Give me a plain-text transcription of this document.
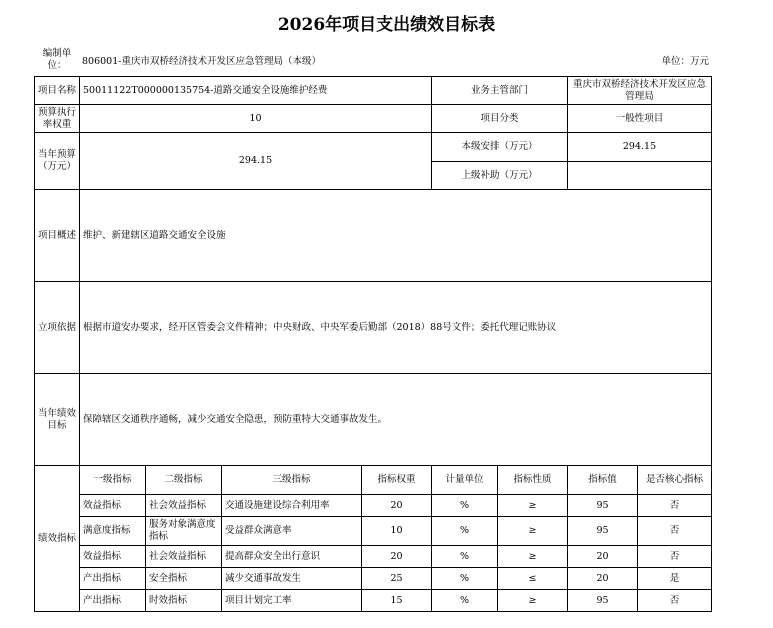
2026年项目支出绩效目标表
编制单位：	806001-重庆市双桥经济技术开发区应急管理局（本级）	单位：万元
项目名称	50011122T000000135754-道路交通安全设施维护经费				业务主管部门		重庆市双桥经济技术开发区应急管理局	
预算执行率权重	10				项目分类		一般性项目	
当年预算（万元）	294.15				本级安排（万元）		294.15	
					上级补助（万元）			
项目概述	维护、新建辖区道路交通安全设施							
立项依据	根据市道安办要求，经开区管委会文件精神；中央财政、中央军委后勤部（2018）88号文件；委托代理记账协议							
当年绩效目标	保障辖区交通秩序通畅，减少交通安全隐患，预防重特大交通事故发生。							
绩效指标	一级指标	二级指标	三级指标	指标权重	计量单位	指标性质	指标值	是否核心指标
	效益指标	社会效益指标	交通设施建设综合利用率	20	%	≥	95	否
	满意度指标	服务对象满意度指标	受益群众满意率	10	%	≥	95	否
	效益指标	社会效益指标	提高群众安全出行意识	20	%	≥	20	否
	产出指标	安全指标	减少交通事故发生	25	%	≤	20	是
	产出指标	时效指标	项目计划完工率	15	%	≥	95	否
